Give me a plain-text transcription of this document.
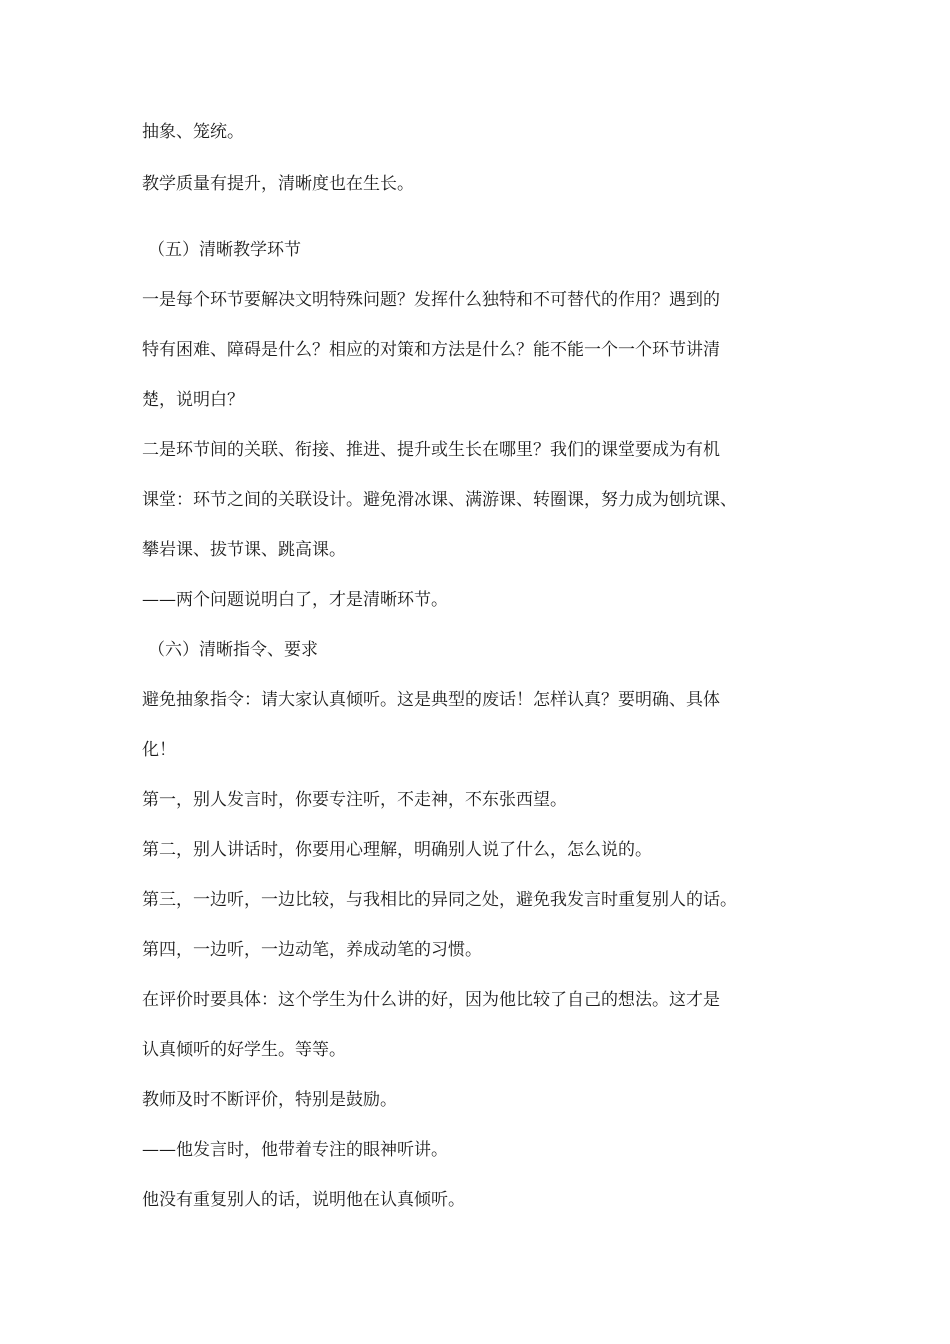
抽象、笼统。
教学质量有提升，清晰度也在生长。
（五）清晰教学环节
一是每个环节要解决文明特殊问题？发挥什么独特和不可替代的作用？遇到的
特有困难、障碍是什么？相应的对策和方法是什么？能不能一个一个环节讲清
楚，说明白？
二是环节间的关联、衔接、推进、提升或生长在哪里？我们的课堂要成为有机
课堂：环节之间的关联设计。避免滑冰课、满游课、转圈课，努力成为刨坑课、
攀岩课、拔节课、跳高课。
——两个问题说明白了，才是清晰环节。
（六）清晰指令、要求
避免抽象指令：请大家认真倾听。这是典型的废话！怎样认真？要明确、具体
化！
第一，别人发言时，你要专注听，不走神，不东张西望。
第二，别人讲话时，你要用心理解，明确别人说了什么，怎么说的。
第三，一边听，一边比较，与我相比的异同之处，避免我发言时重复别人的话。
第四，一边听，一边动笔，养成动笔的习惯。
在评价时要具体：这个学生为什么讲的好，因为他比较了自己的想法。这才是
认真倾听的好学生。等等。
教师及时不断评价，特别是鼓励。
——他发言时，他带着专注的眼神听讲。
他没有重复别人的话，说明他在认真倾听。
